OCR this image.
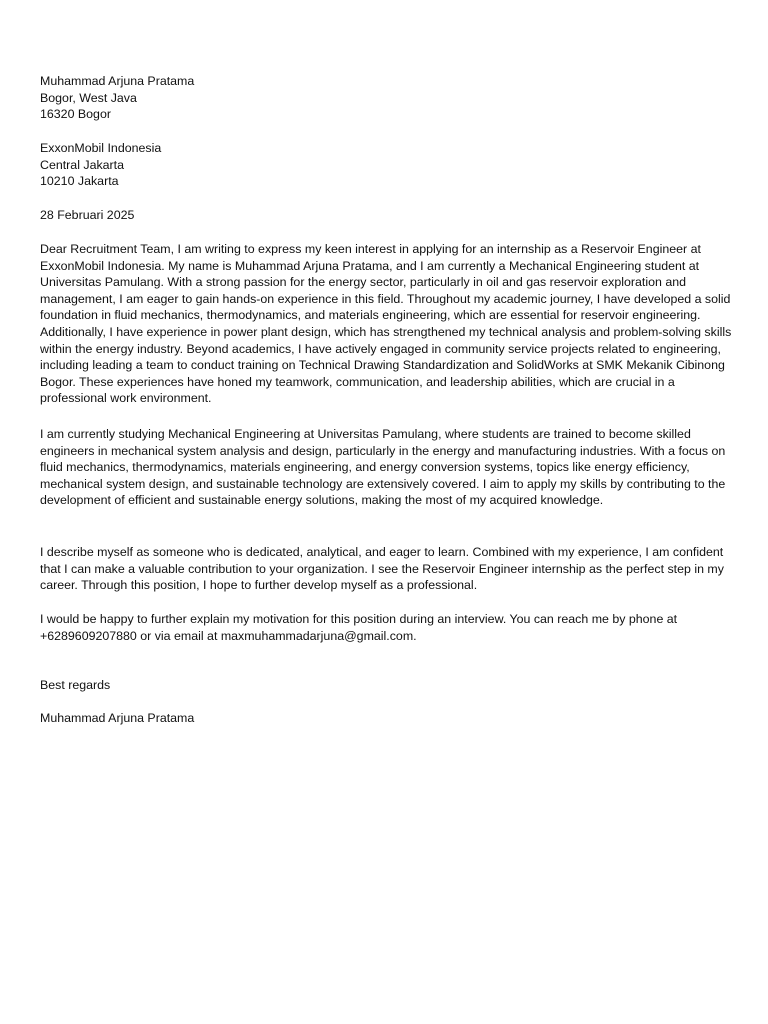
Muhammad Arjuna Pratama
Bogor, West Java
16320 Bogor
ExxonMobil Indonesia
Central Jakarta
10210 Jakarta
28 Februari 2025

Dear Recruitment Team, I am writing to express my keen interest in applying for an internship as a Reservoir Engineer at ExxonMobil Indonesia. My name is Muhammad Arjuna Pratama, and I am currently a Mechanical Engineering student at Universitas Pamulang. With a strong passion for the energy sector, particularly in oil and gas reservoir exploration and management, I am eager to gain hands-on experience in this field. Throughout my academic journey, I have developed a solid foundation in fluid mechanics, thermodynamics, and materials engineering, which are essential for reservoir engineering. Additionally, I have experience in power plant design, which has strengthened my technical analysis and problem-solving skills within the energy industry. Beyond academics, I have actively engaged in community service projects related to engineering, including leading a team to conduct training on Technical Drawing Standardization and SolidWorks at SMK Mekanik Cibinong Bogor. These experiences have honed my teamwork, communication, and leadership abilities, which are crucial in a professional work environment.

I am currently studying Mechanical Engineering at Universitas Pamulang, where students are trained to become skilled engineers in mechanical system analysis and design, particularly in the energy and manufacturing industries. With a focus on fluid mechanics, thermodynamics, materials engineering, and energy conversion systems, topics like energy efficiency, mechanical system design, and sustainable technology are extensively covered. I aim to apply my skills by contributing to the development of efficient and sustainable energy solutions, making the most of my acquired knowledge.

I describe myself as someone who is dedicated, analytical, and eager to learn. Combined with my experience, I am confident that I can make a valuable contribution to your organization. I see the Reservoir Engineer internship as the perfect step in my career. Through this position, I hope to further develop myself as a professional.

I would be happy to further explain my motivation for this position during an interview. You can reach me by phone at +6289609207880 or via email at maxmuhammadarjuna@gmail.com.

Best regards
Muhammad Arjuna Pratama
